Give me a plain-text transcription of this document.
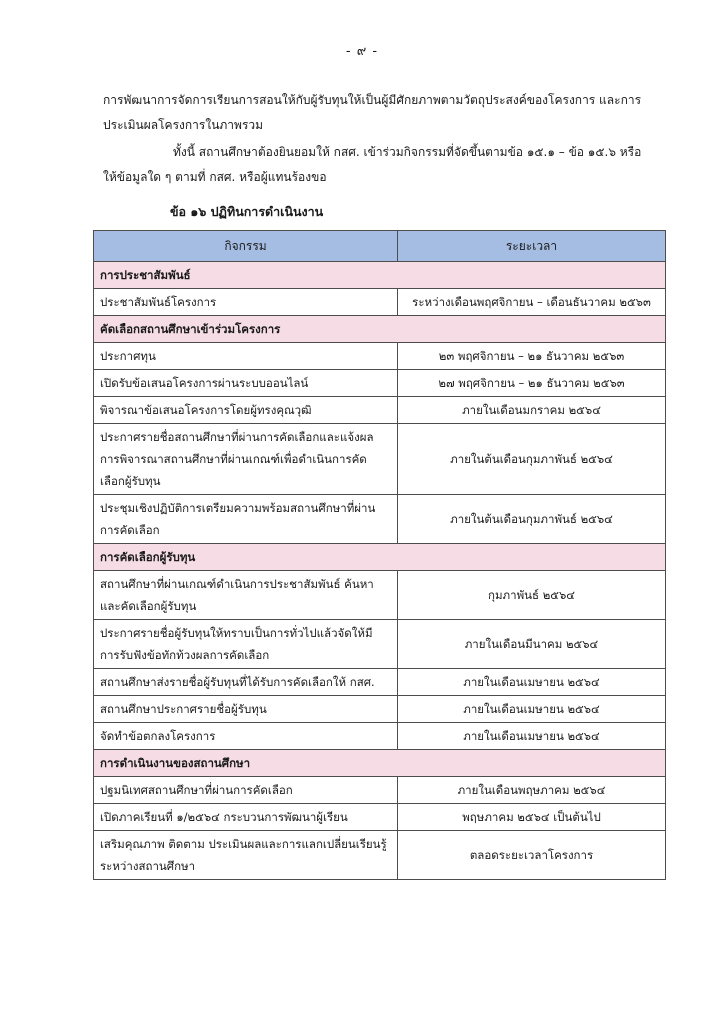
- ๙ -
การพัฒนาการจัดการเรียนการสอนให้กับผู้รับทุนให้เป็นผู้มีศักยภาพตามวัตถุประสงค์ของโครงการ และการประเมินผลโครงการในภาพรวม
ทั้งนี้ สถานศึกษาต้องยินยอมให้ กสศ. เข้าร่วมกิจกรรมที่จัดขึ้นตามข้อ ๑๕.๑ – ข้อ ๑๕.๖ หรือให้ข้อมูลใด ๆ ตามที่ กสศ. หรือผู้แทนร้องขอ
ข้อ ๑๖ ปฏิทินการดำเนินงาน
กิจกรรม	ระยะเวลา
การประชาสัมพันธ์	
ประชาสัมพันธ์โครงการ	ระหว่างเดือนพฤศจิกายน – เดือนธันวาคม ๒๕๖๓
คัดเลือกสถานศึกษาเข้าร่วมโครงการ	
ประกาศทุน	๒๓ พฤศจิกายน – ๒๑ ธันวาคม ๒๕๖๓
เปิดรับข้อเสนอโครงการผ่านระบบออนไลน์	๒๗ พฤศจิกายน – ๒๑ ธันวาคม ๒๕๖๓
พิจารณาข้อเสนอโครงการโดยผู้ทรงคุณวุฒิ	ภายในเดือนมกราคม ๒๕๖๔
ประกาศรายชื่อสถานศึกษาที่ผ่านการคัดเลือกและแจ้งผลการพิจารณาสถานศึกษาที่ผ่านเกณฑ์เพื่อดำเนินการคัดเลือกผู้รับทุน	ภายในต้นเดือนกุมภาพันธ์ ๒๕๖๔
ประชุมเชิงปฏิบัติการเตรียมความพร้อมสถานศึกษาที่ผ่านการคัดเลือก	ภายในต้นเดือนกุมภาพันธ์ ๒๕๖๔
การคัดเลือกผู้รับทุน	
สถานศึกษาที่ผ่านเกณฑ์ดำเนินการประชาสัมพันธ์ ค้นหาและคัดเลือกผู้รับทุน	กุมภาพันธ์ ๒๕๖๔
ประกาศรายชื่อผู้รับทุนให้ทราบเป็นการทั่วไปแล้วจัดให้มีการรับฟังข้อทักท้วงผลการคัดเลือก	ภายในเดือนมีนาคม ๒๕๖๔
สถานศึกษาส่งรายชื่อผู้รับทุนที่ได้รับการคัดเลือกให้ กสศ.	ภายในเดือนเมษายน ๒๕๖๔
สถานศึกษาประกาศรายชื่อผู้รับทุน	ภายในเดือนเมษายน ๒๕๖๔
จัดทำข้อตกลงโครงการ	ภายในเดือนเมษายน ๒๕๖๔
การดำเนินงานของสถานศึกษา	
ปฐมนิเทศสถานศึกษาที่ผ่านการคัดเลือก	ภายในเดือนพฤษภาคม ๒๕๖๔
เปิดภาคเรียนที่ ๑/๒๕๖๔ กระบวนการพัฒนาผู้เรียน	พฤษภาคม ๒๕๖๔ เป็นต้นไป
เสริมคุณภาพ ติดตาม ประเมินผลและการแลกเปลี่ยนเรียนรู้ระหว่างสถานศึกษา	ตลอดระยะเวลาโครงการ
